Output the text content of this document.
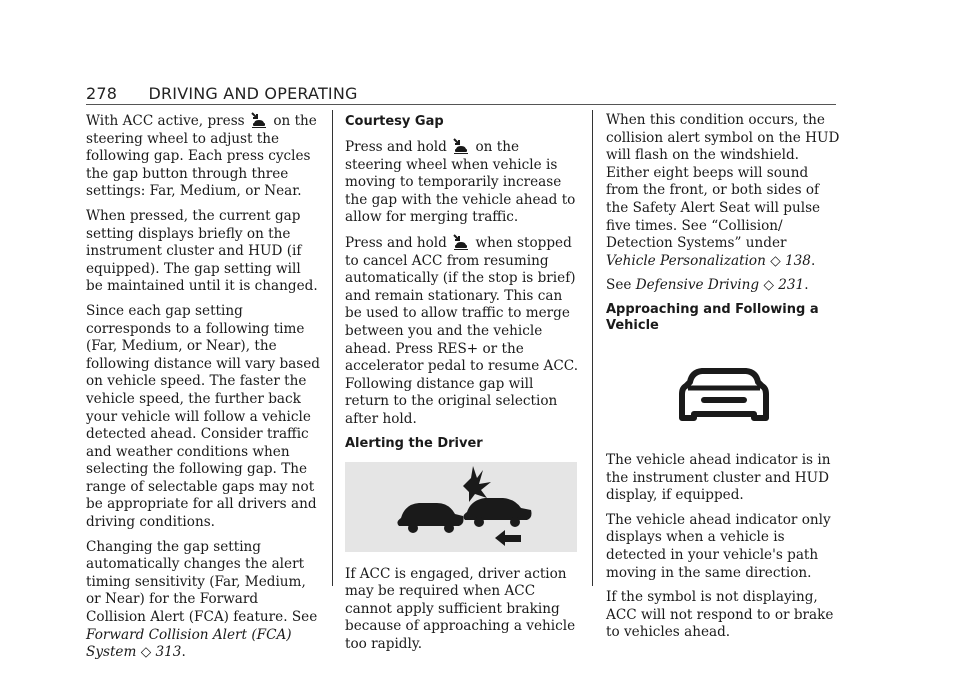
278 DRIVING AND OPERATING

With ACC active, press on the steering wheel to adjust the following gap. Each press cycles the gap button through three settings: Far, Medium, or Near.

When pressed, the current gap setting displays briefly on the instrument cluster and HUD (if equipped). The gap setting will be maintained until it is changed.

Since each gap setting corresponds to a following time (Far, Medium, or Near), the following distance will vary based on vehicle speed. The faster the vehicle speed, the further back your vehicle will follow a vehicle detected ahead. Consider traffic and weather conditions when selecting the following gap. The range of selectable gaps may not be appropriate for all drivers and driving conditions.

Changing the gap setting automatically changes the alert timing sensitivity (Far, Medium, or Near) for the Forward Collision Alert (FCA) feature. See Forward Collision Alert (FCA) System ◇ 313.

Courtesy Gap

Press and hold on the steering wheel when vehicle is moving to temporarily increase the gap with the vehicle ahead to allow for merging traffic.

Press and hold when stopped to cancel ACC from resuming automatically (if the stop is brief) and remain stationary. This can be used to allow traffic to merge between you and the vehicle ahead. Press RES+ or the accelerator pedal to resume ACC. Following distance gap will return to the original selection after hold.

Alerting the Driver

If ACC is engaged, driver action may be required when ACC cannot apply sufficient braking because of approaching a vehicle too rapidly.

When this condition occurs, the collision alert symbol on the HUD will flash on the windshield. Either eight beeps will sound from the front, or both sides of the Safety Alert Seat will pulse five times. See “Collision/ Detection Systems” under Vehicle Personalization ◇ 138.

See Defensive Driving ◇ 231.

Approaching and Following a Vehicle

The vehicle ahead indicator is in the instrument cluster and HUD display, if equipped.

The vehicle ahead indicator only displays when a vehicle is detected in your vehicle's path moving in the same direction.

If the symbol is not displaying, ACC will not respond to or brake to vehicles ahead.
